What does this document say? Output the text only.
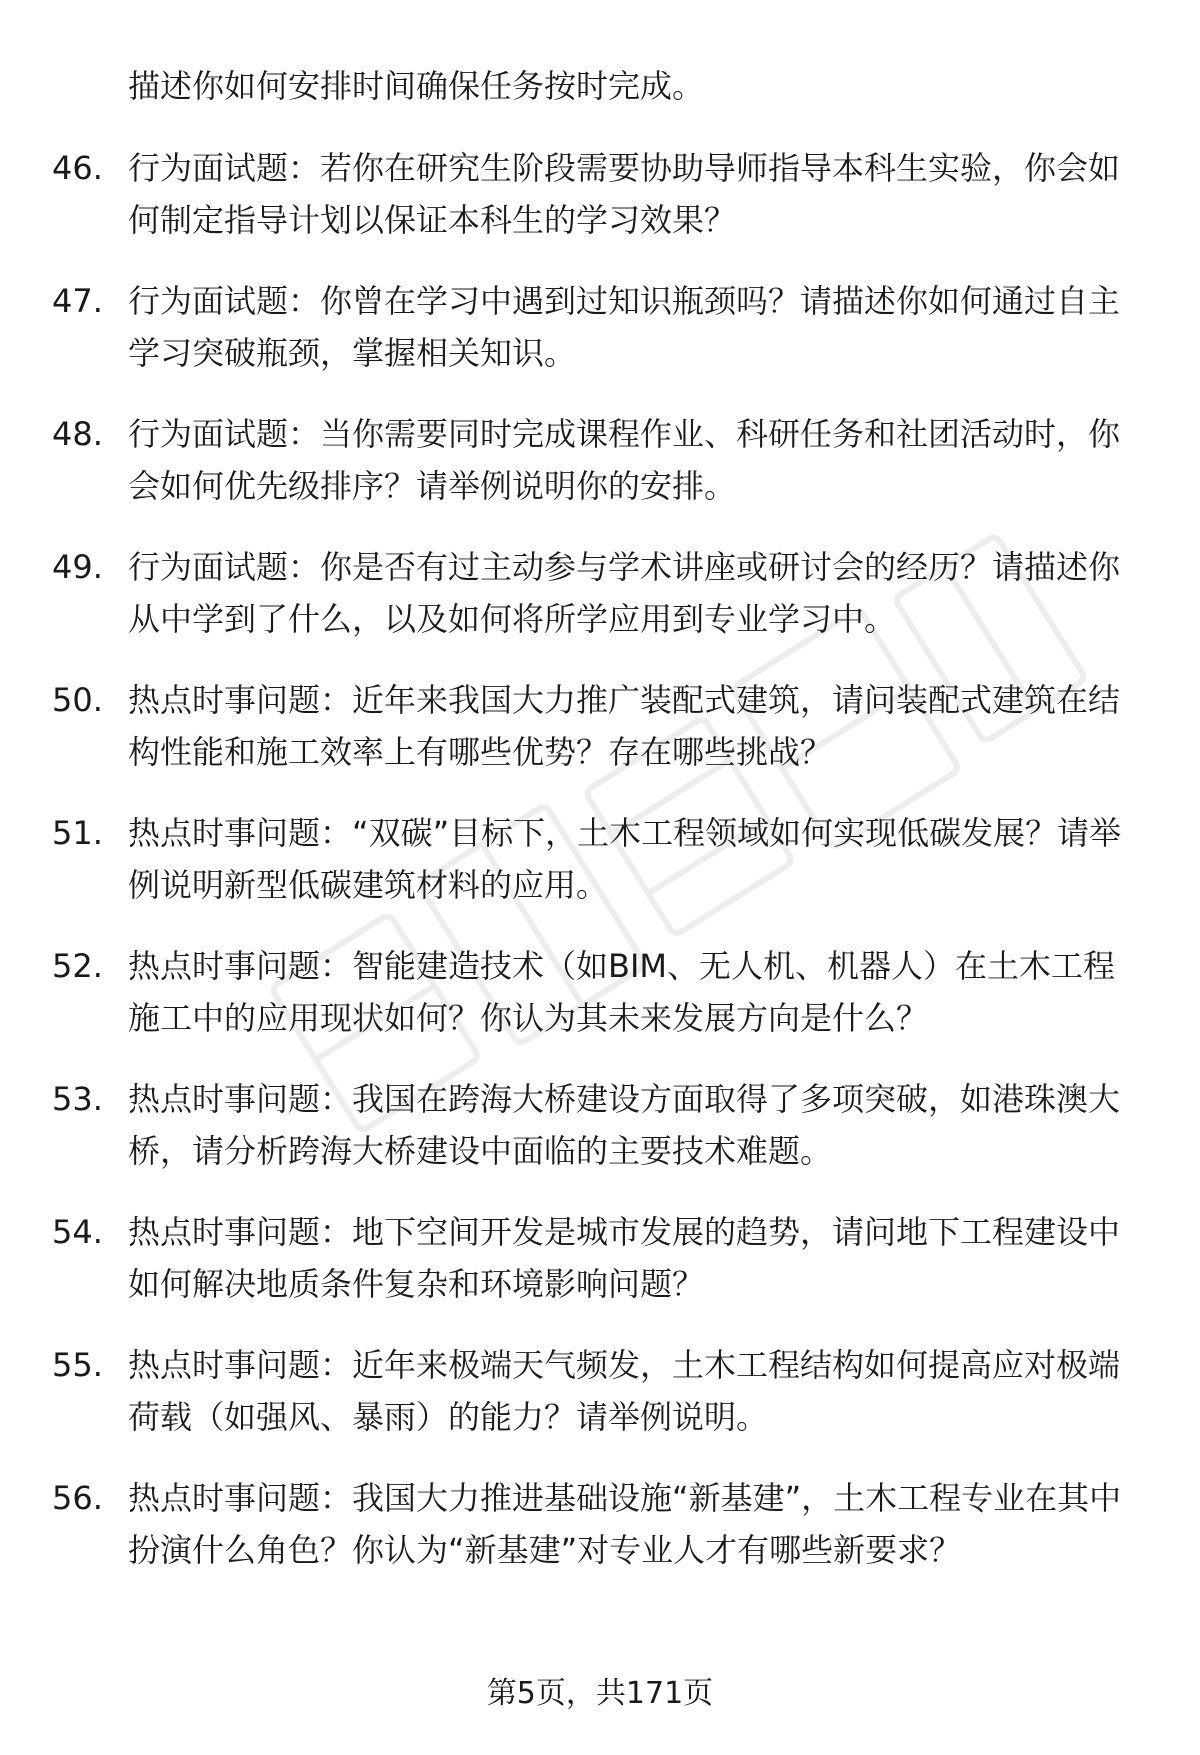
描述你如何安排时间确保任务按时完成。

46. 行为面试题：若你在研究生阶段需要协助导师指导本科生实验，你会如何制定指导计划以保证本科生的学习效果？
47. 行为面试题：你曾在学习中遇到过知识瓶颈吗？请描述你如何通过自主学习突破瓶颈，掌握相关知识。
48. 行为面试题：当你需要同时完成课程作业、科研任务和社团活动时，你会如何优先级排序？请举例说明你的安排。
49. 行为面试题：你是否有过主动参与学术讲座或研讨会的经历？请描述你从中学到了什么，以及如何将所学应用到专业学习中。
50. 热点时事问题：近年来我国大力推广装配式建筑，请问装配式建筑在结构性能和施工效率上有哪些优势？存在哪些挑战？
51. 热点时事问题：“双碳”目标下，土木工程领域如何实现低碳发展？请举例说明新型低碳建筑材料的应用。
52. 热点时事问题：智能建造技术（如BIM、无人机、机器人）在土木工程施工中的应用现状如何？你认为其未来发展方向是什么？
53. 热点时事问题：我国在跨海大桥建设方面取得了多项突破，如港珠澳大桥，请分析跨海大桥建设中面临的主要技术难题。
54. 热点时事问题：地下空间开发是城市发展的趋势，请问地下工程建设中如何解决地质条件复杂和环境影响问题？
55. 热点时事问题：近年来极端天气频发，土木工程结构如何提高应对极端荷载（如强风、暴雨）的能力？请举例说明。
56. 热点时事问题：我国大力推进基础设施“新基建”，土木工程专业在其中扮演什么角色？你认为“新基建”对专业人才有哪些新要求？
第5页，共171页
